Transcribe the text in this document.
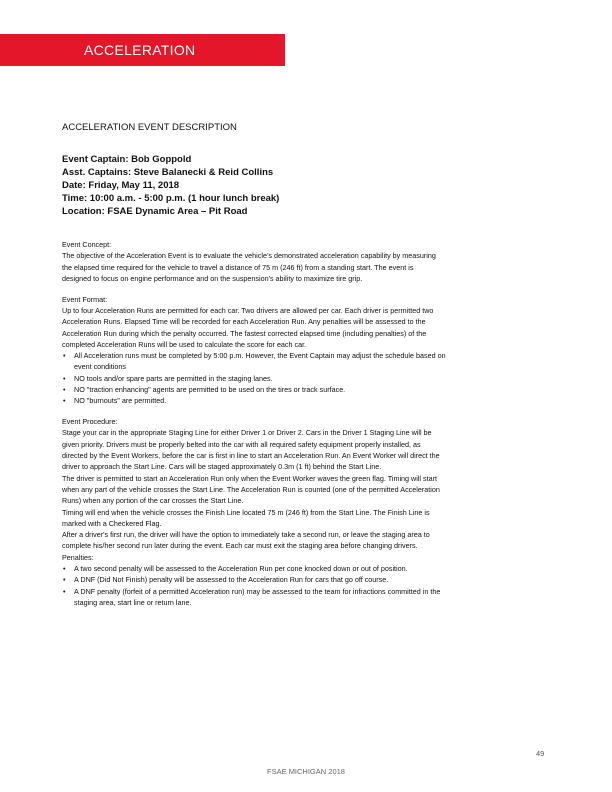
ACCELERATION
ACCELERATION EVENT DESCRIPTION
Event Captain: Bob Goppold
Asst. Captains: Steve Balanecki & Reid Collins
Date: Friday, May 11, 2018
Time: 10:00 a.m. - 5:00 p.m. (1 hour lunch break)
Location: FSAE Dynamic Area – Pit Road

Event Concept:

The objective of the Acceleration Event is to evaluate the vehicle’s demonstrated acceleration capability by measuring

the elapsed time required for the vehicle to travel a distance of 75 m (246 ft) from a standing start. The event is

designed to focus on engine performance and on the suspension's ability to maximize tire grip.

Event Format:

Up to four Acceleration Runs are permitted for each car. Two drivers are allowed per car. Each driver is permitted two

Acceleration Runs. Elapsed Time will be recorded for each Acceleration Run. Any penalties will be assessed to the

Acceleration Run during which the penalty occurred. The fastest corrected elapsed time (including penalties) of the

completed Acceleration Runs will be used to calculate the score for each car.

• All Acceleration runs must be completed by 5:00 p.m. However, the Event Captain may adjust the schedule based on
event conditions
• NO tools and/or spare parts are permitted in the staging lanes.
• NO "traction enhancing" agents are permitted to be used on the tires or track surface.
• NO "burnouts" are permitted.

Event Procedure:

Stage your car in the appropriate Staging Line for either Driver 1 or Driver 2. Cars in the Driver 1 Staging Line will be

given priority. Drivers must be properly belted into the car with all required safety equipment properly installed, as

directed by the Event Workers, before the car is first in line to start an Acceleration Run. An Event Worker will direct the

driver to approach the Start Line. Cars will be staged approximately 0.3m (1 ft) behind the Start Line.

The driver is permitted to start an Acceleration Run only when the Event Worker waves the green flag. Timing will start

when any part of the vehicle crosses the Start Line. The Acceleration Run is counted (one of the permitted Acceleration

Runs) when any portion of the car crosses the Start Line.

Timing will end when the vehicle crosses the Finish Line located 75 m (246 ft) from the Start Line. The Finish Line is

marked with a Checkered Flag.

After a driver's first run, the driver will have the option to immediately take a second run, or leave the staging area to

complete his/her second run later during the event. Each car must exit the staging area before changing drivers.

Penalties:

• A two second penalty will be assessed to the Acceleration Run per cone knocked down or out of position.
• A DNF (Did Not Finish) penalty will be assessed to the Acceleration Run for cars that go off course.
• A DNF penalty (forfeit of a permitted Acceleration run) may be assessed to the team for infractions committed in the
staging area, start line or return lane.
49
FSAE MICHIGAN 2018
